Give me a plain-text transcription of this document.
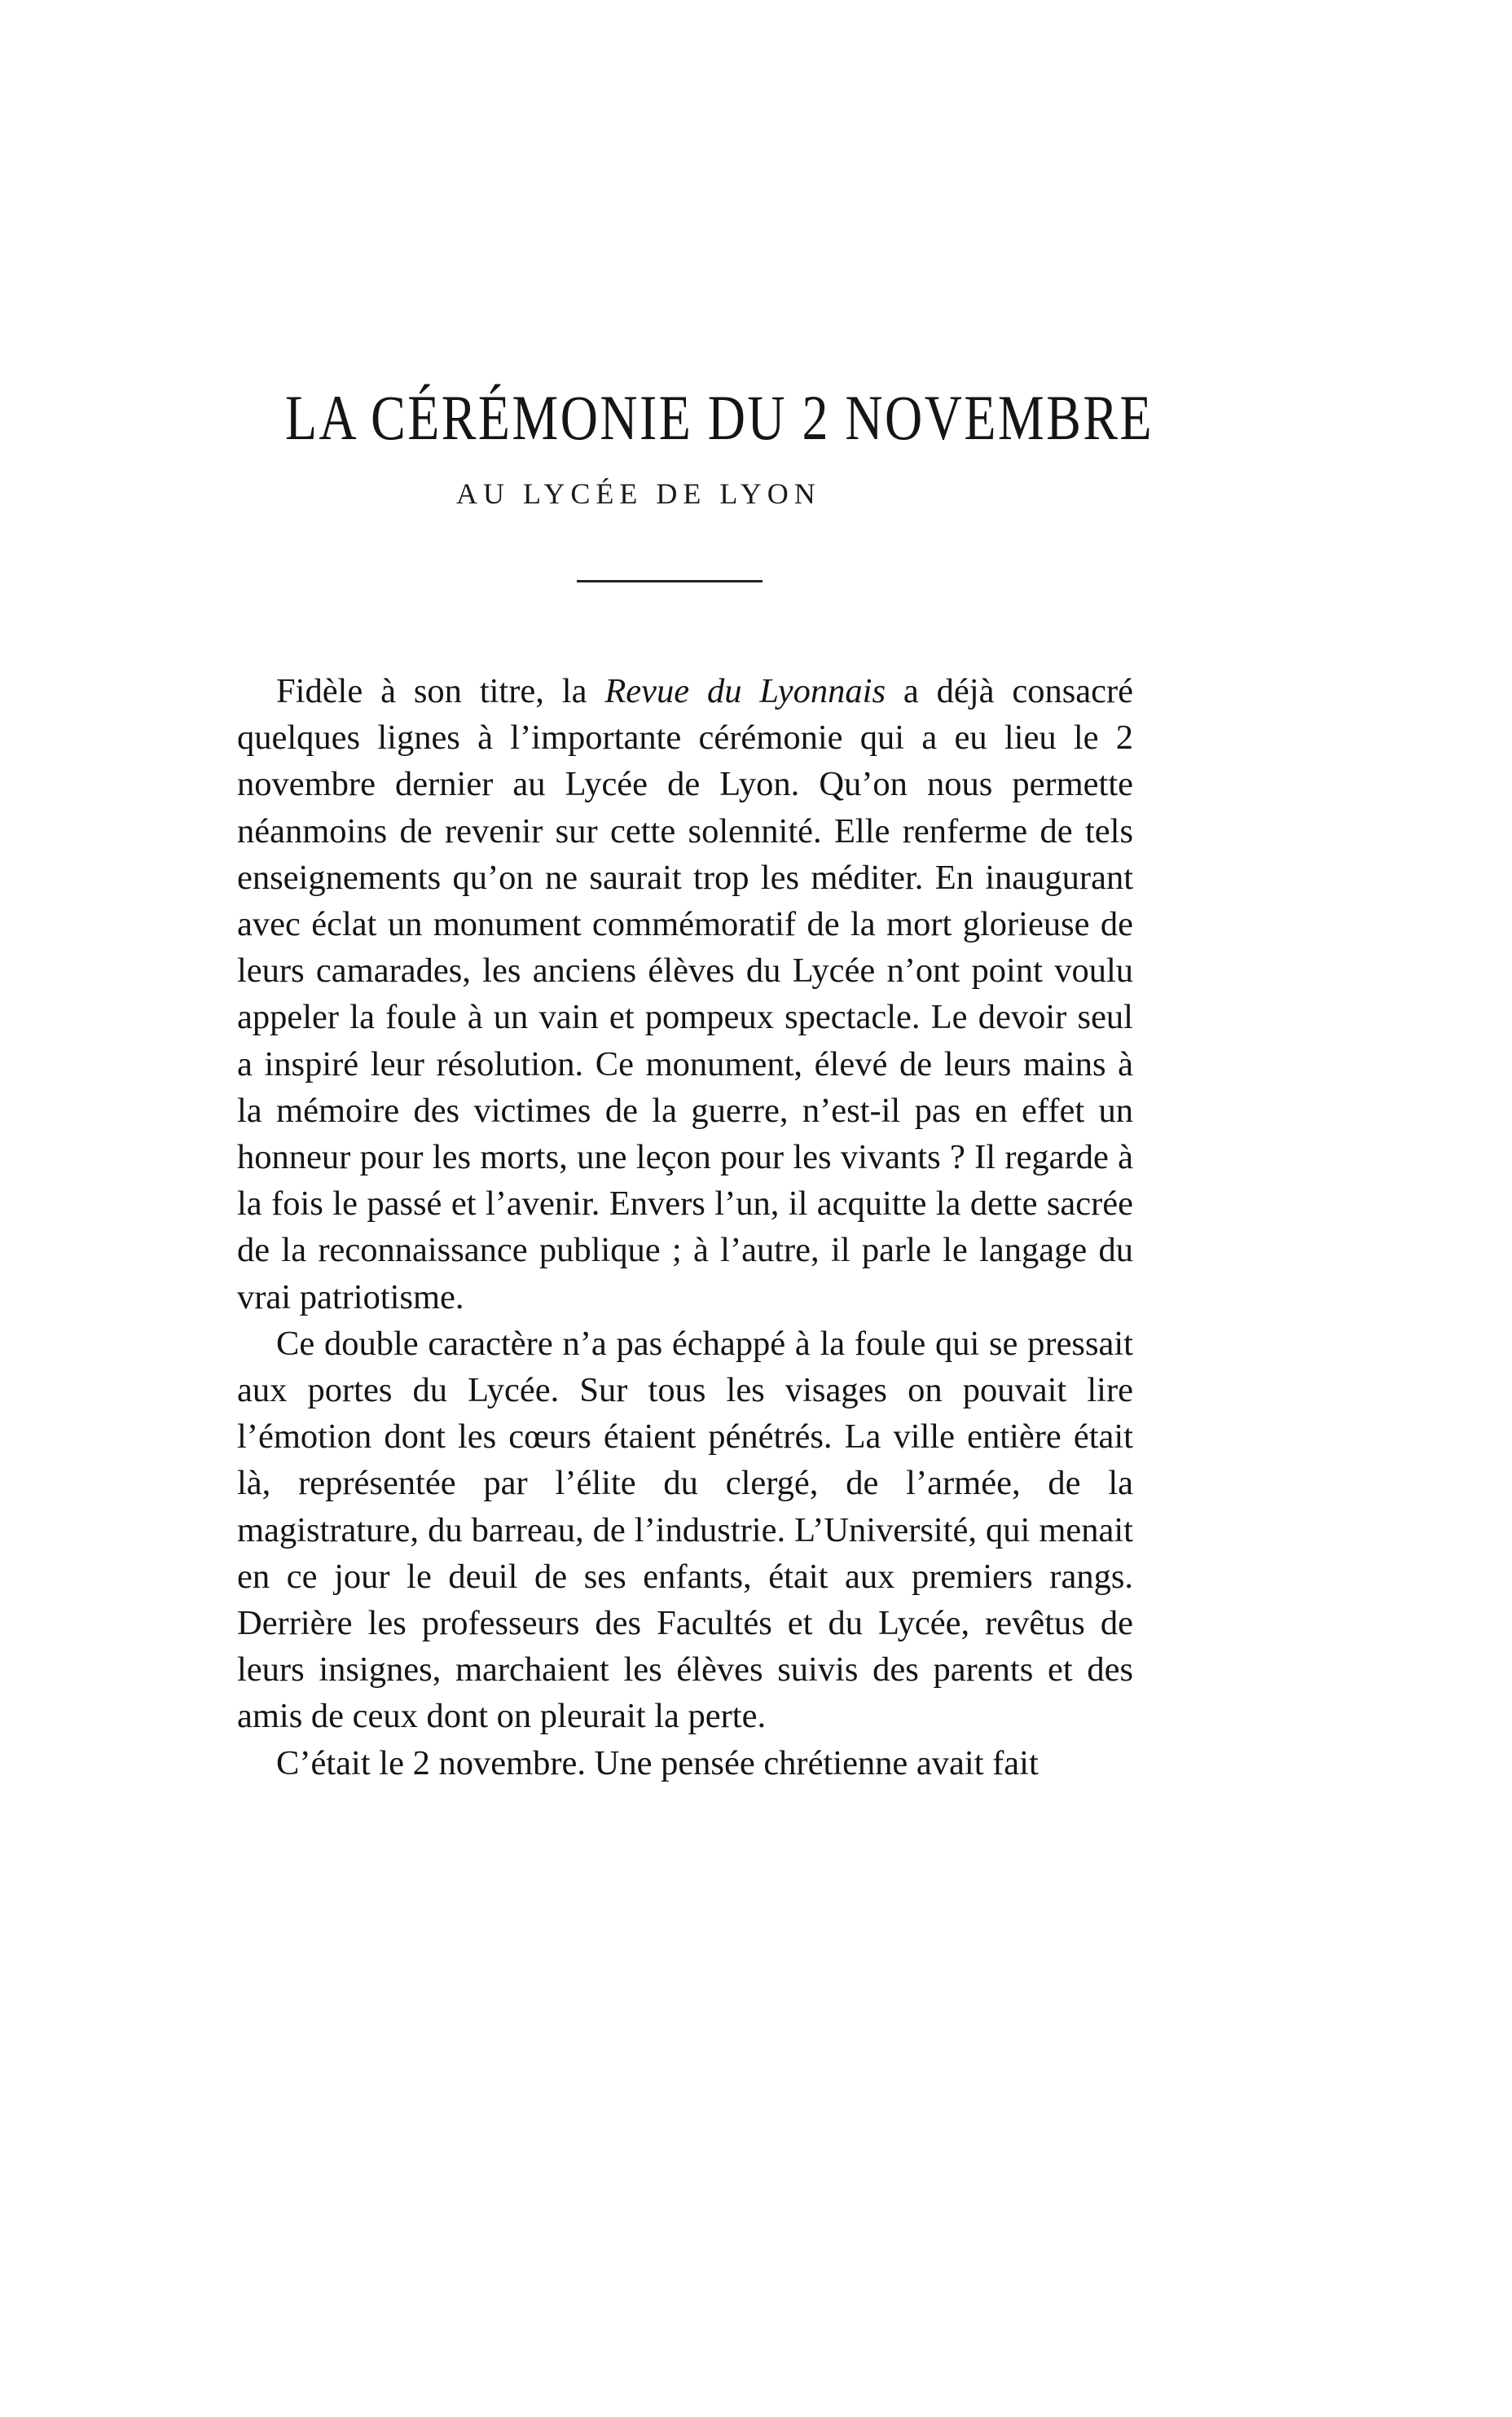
LA CÉRÉMONIE DU 2 NOVEMBRE
AU LYCÉE DE LYON

Fidèle à son titre, la Revue du Lyonnais a déjà consacré quelques lignes à l’importante cérémonie qui a eu lieu le 2 novembre dernier au Lycée de Lyon. Qu’on nous permette néanmoins de revenir sur cette solennité. Elle renferme de tels enseignements qu’on ne saurait trop les méditer. En inaugurant avec éclat un monument commémoratif de la mort glorieuse de leurs camarades, les anciens élèves du Lycée n’ont point voulu appeler la foule à un vain et pompeux spectacle. Le devoir seul a inspiré leur résolution. Ce monument, élevé de leurs mains à la mémoire des victimes de la guerre, n’est-il pas en effet un honneur pour les morts, une leçon pour les vivants ? Il regarde à la fois le passé et l’avenir. Envers l’un, il acquitte la dette sacrée de la reconnaissance publique ; à l’autre, il parle le langage du vrai patriotisme.

Ce double caractère n’a pas échappé à la foule qui se pressait aux portes du Lycée. Sur tous les visages on pouvait lire l’émotion dont les cœurs étaient pénétrés. La ville entière était là, représentée par l’élite du clergé, de l’armée, de la magistrature, du barreau, de l’industrie. L’Université, qui menait en ce jour le deuil de ses enfants, était aux premiers rangs. Derrière les professeurs des Facultés et du Lycée, revêtus de leurs insignes, marchaient les élèves suivis des parents et des amis de ceux dont on pleurait la perte.

C’était le 2 novembre. Une pensée chrétienne avait fait
